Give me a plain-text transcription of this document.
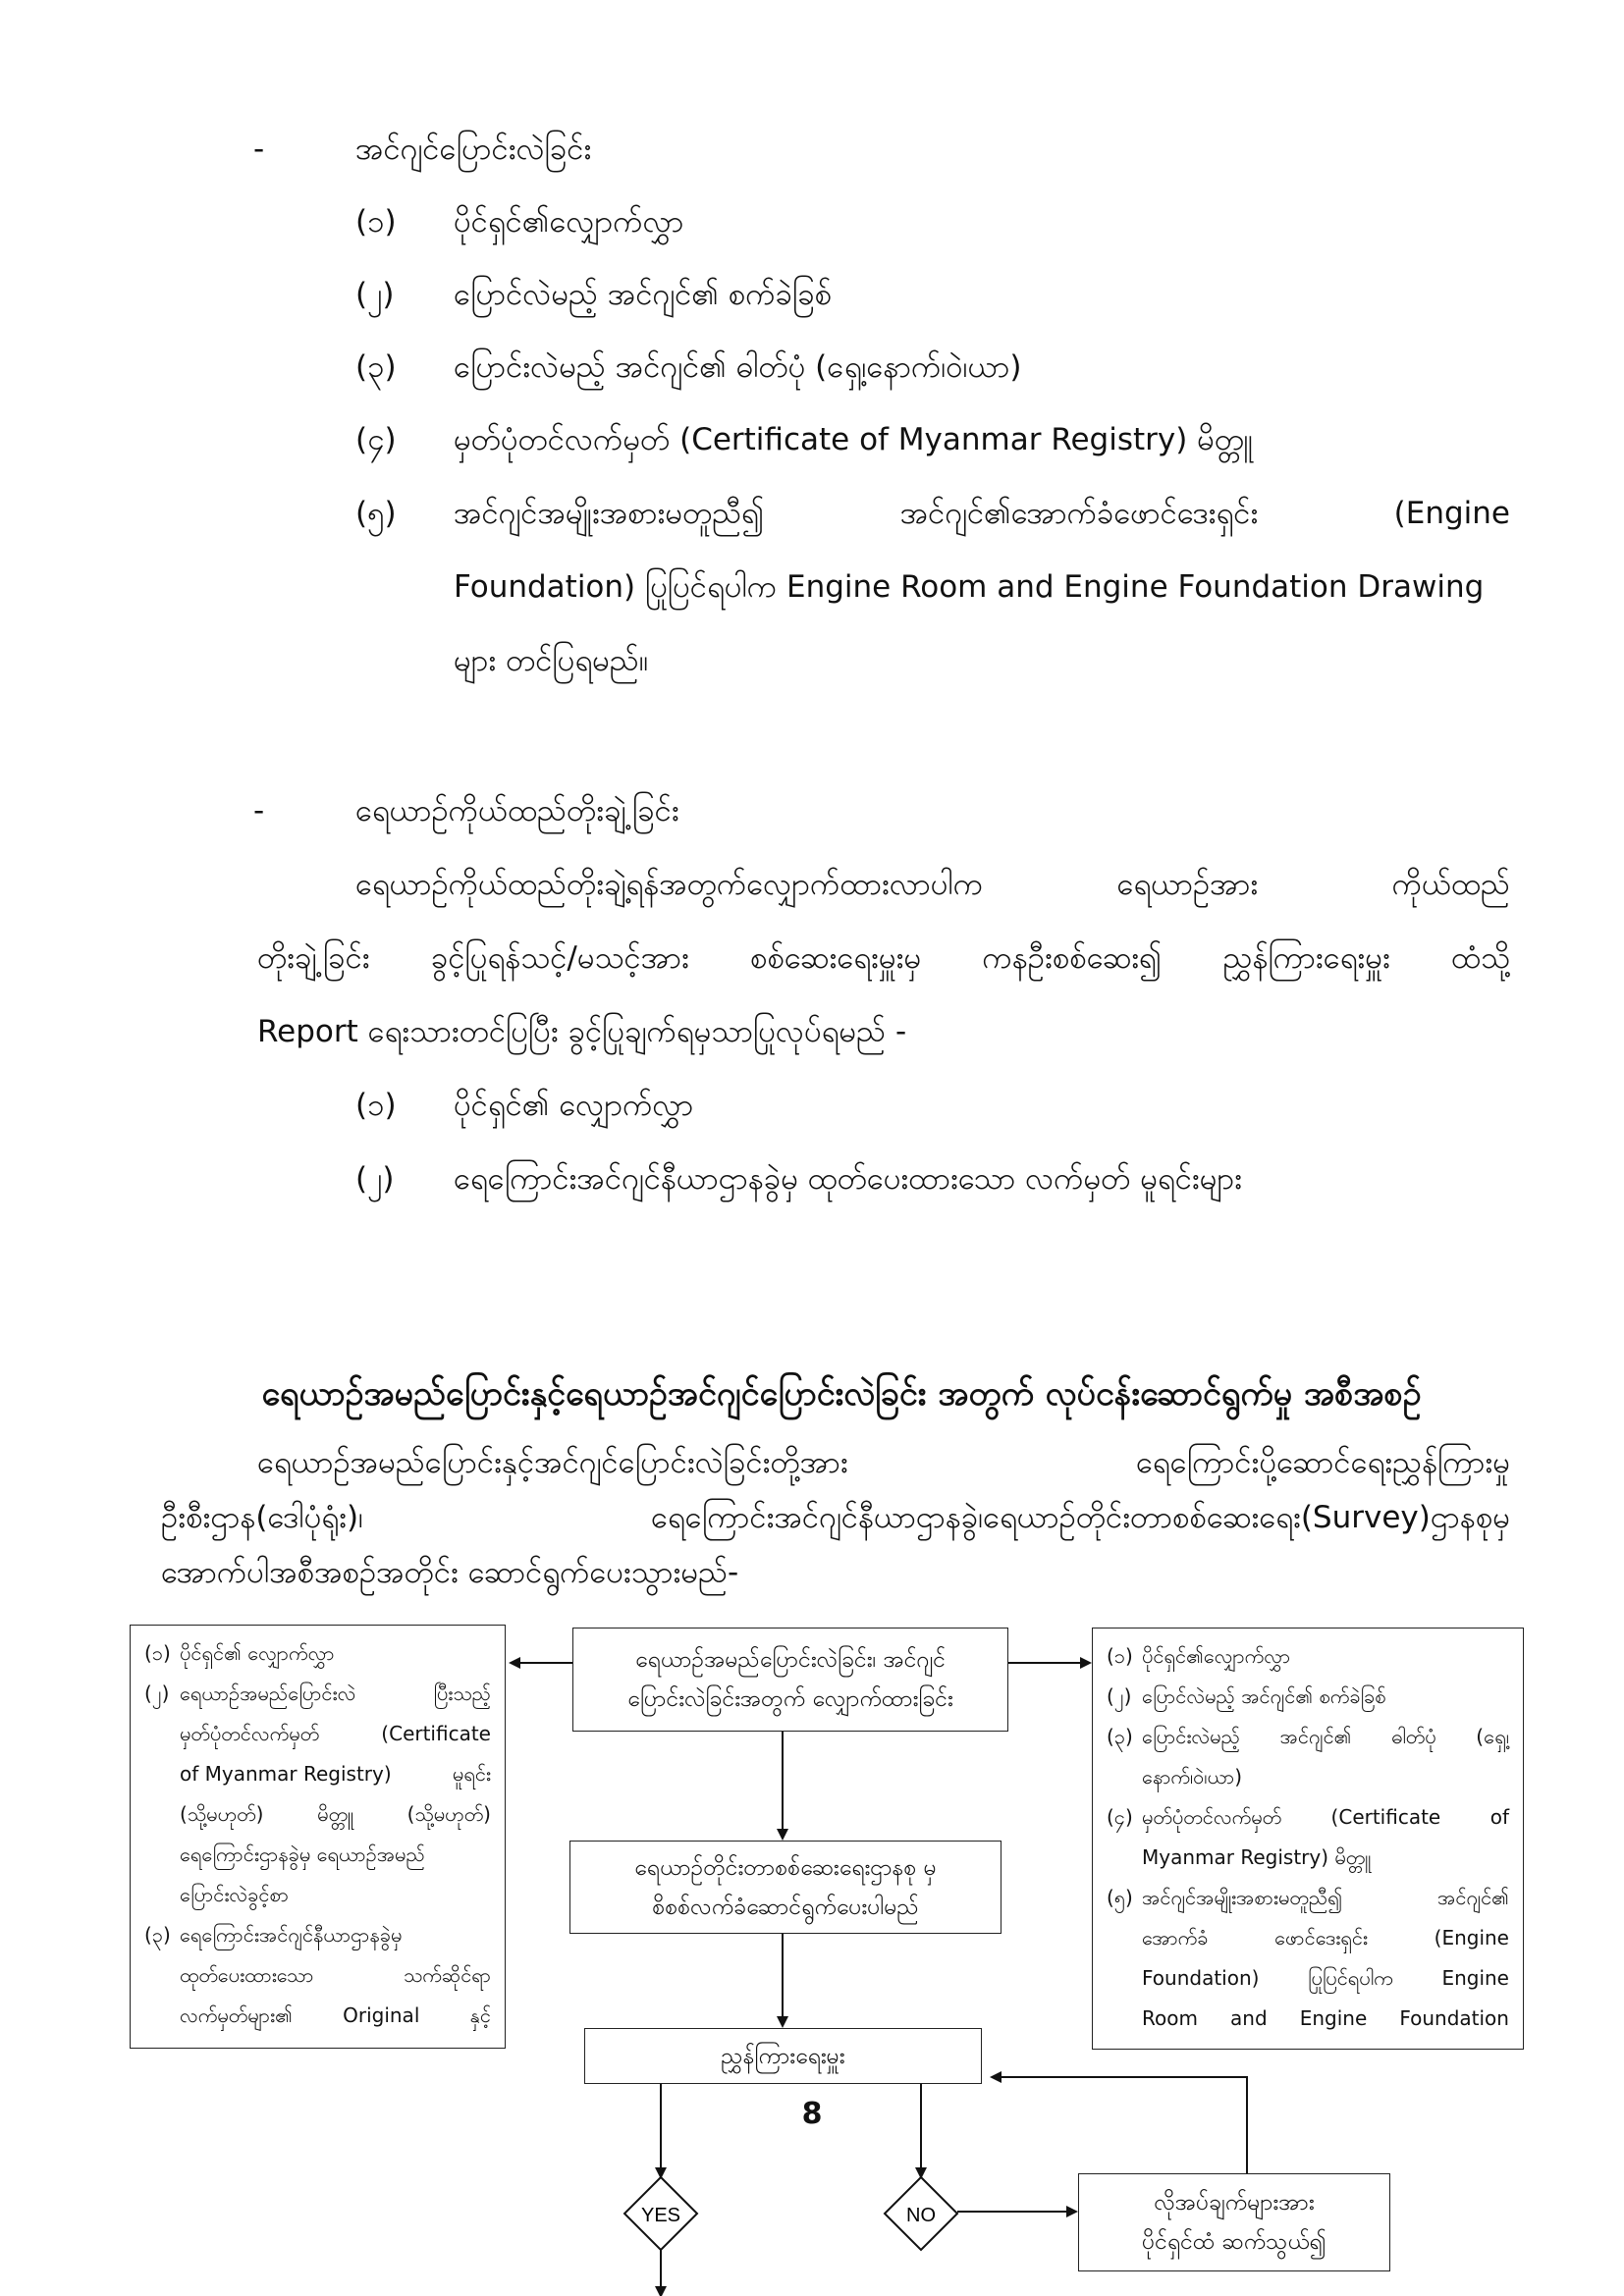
-	အင်ဂျင်ပြောင်းလဲခြင်း
(၁) ပိုင်ရှင်၏လျှောက်လွှာ
(၂) ပြောင်လဲမည့် အင်ဂျင်၏ စက်ခဲခြစ်
(၃) ပြောင်းလဲမည့် အင်ဂျင်၏ ဓါတ်ပုံ (ရှေ့၊နောက်၊ဝဲ၊ယာ)
(၄) မှတ်ပုံတင်လက်မှတ် (Certificate of Myanmar Registry) မိတ္တူ
(၅) အင်ဂျင်အမျိုးအစားမတူညီ၍	အင်ဂျင်၏အောက်ခံဖောင်ဒေးရှင်း	(Engine
Foundation) ပြုပြင်ရပါက Engine Room and Engine Foundation Drawing
များ တင်ပြရမည်။
-	ရေယာဉ်ကိုယ်ထည်တိုးချဲ့ခြင်း
ရေယာဉ်ကိုယ်ထည်တိုးချဲ့ရန်အတွက်လျှောက်ထားလာပါက ရေယာဉ်အား ကိုယ်ထည်
တိုးချဲ့ခြင်း ခွင့်ပြုရန်သင့်/မသင့်အား စစ်ဆေးရေးမှူးမှ ကနဦးစစ်ဆေး၍ ညွှန်ကြားရေးမှူး ထံသို့
Report ရေးသားတင်ပြပြီး ခွင့်ပြုချက်ရမှသာပြုလုပ်ရမည် -
(၁) ပိုင်ရှင်၏ လျှောက်လွှာ
(၂) ရေကြောင်းအင်ဂျင်နီယာဌာနခွဲမှ ထုတ်ပေးထားသော လက်မှတ် မူရင်းများ
ရေယာဉ်အမည်ပြောင်းနှင့်ရေယာဉ်အင်ဂျင်ပြောင်းလဲခြင်း အတွက် လုပ်ငန်းဆောင်ရွက်မှု အစီအစဉ်
ရေယာဉ်အမည်ပြောင်းနှင့်အင်ဂျင်ပြောင်းလဲခြင်းတို့အား ရေကြောင်းပို့ဆောင်ရေးညွှန်ကြားမှု
ဦးစီးဌာန(ဒေါပုံရုံး)၊ ရေကြောင်းအင်ဂျင်နီယာဌာနခွဲ၊ရေယာဉ်တိုင်းတာစစ်ဆေးရေး(Survey)ဌာနစုမှ
အောက်ပါအစီအစဉ်အတိုင်း ဆောင်ရွက်ပေးသွားမည်-
YES	NO
ရေယာဉ်အမည်ပြောင်းလဲခြင်း၊ အင်ဂျင်
ပြောင်းလဲခြင်းအတွက် လျှောက်ထားခြင်း
ရေယာဉ်တိုင်းတာစစ်ဆေးရေးဌာနစု မှ
စိစစ်လက်ခံဆောင်ရွက်ပေးပါမည်
ညွှန်ကြားရေးမှူး
လိုအပ်ချက်များအား
ပိုင်ရှင်ထံ ဆက်သွယ်၍
(၁) ပိုင်ရှင်၏ လျှောက်လွှာ
(၂) ရေယာဉ်အမည်ပြောင်းလဲ	ပြီးသည့်
မှတ်ပုံတင်လက်မှတ်	(Certificate
of Myanmar Registry)	မူရင်း
(သို့မဟုတ်)	မိတ္တူ	(သို့မဟုတ်)
ရေကြောင်းဌာနခွဲမှ ရေယာဉ်အမည်
ပြောင်းလဲခွင့်စာ
(၃) ရေကြောင်းအင်ဂျင်နီယာဌာနခွဲမှ
ထုတ်ပေးထားသော	သက်ဆိုင်ရာ
လက်မှတ်များ၏	Original	နှင့်
(၁) ပိုင်ရှင်၏လျှောက်လွှာ
(၂) ပြောင်လဲမည့် အင်ဂျင်၏ စက်ခဲခြစ်
(၃) ပြောင်းလဲမည့် အင်ဂျင်၏ ဓါတ်ပုံ (ရှေ့၊
နောက်၊ဝဲ၊ယာ)
(၄) မှတ်ပုံတင်လက်မှတ်	(Certificate	of
Myanmar Registry) မိတ္တူ
(၅) အင်ဂျင်အမျိုးအစားမတူညီ၍	အင်ဂျင်၏
အောက်ခံ	ဖောင်ဒေးရှင်း	(Engine
Foundation) ပြုပြင်ရပါက Engine
Room and Engine Foundation
8
